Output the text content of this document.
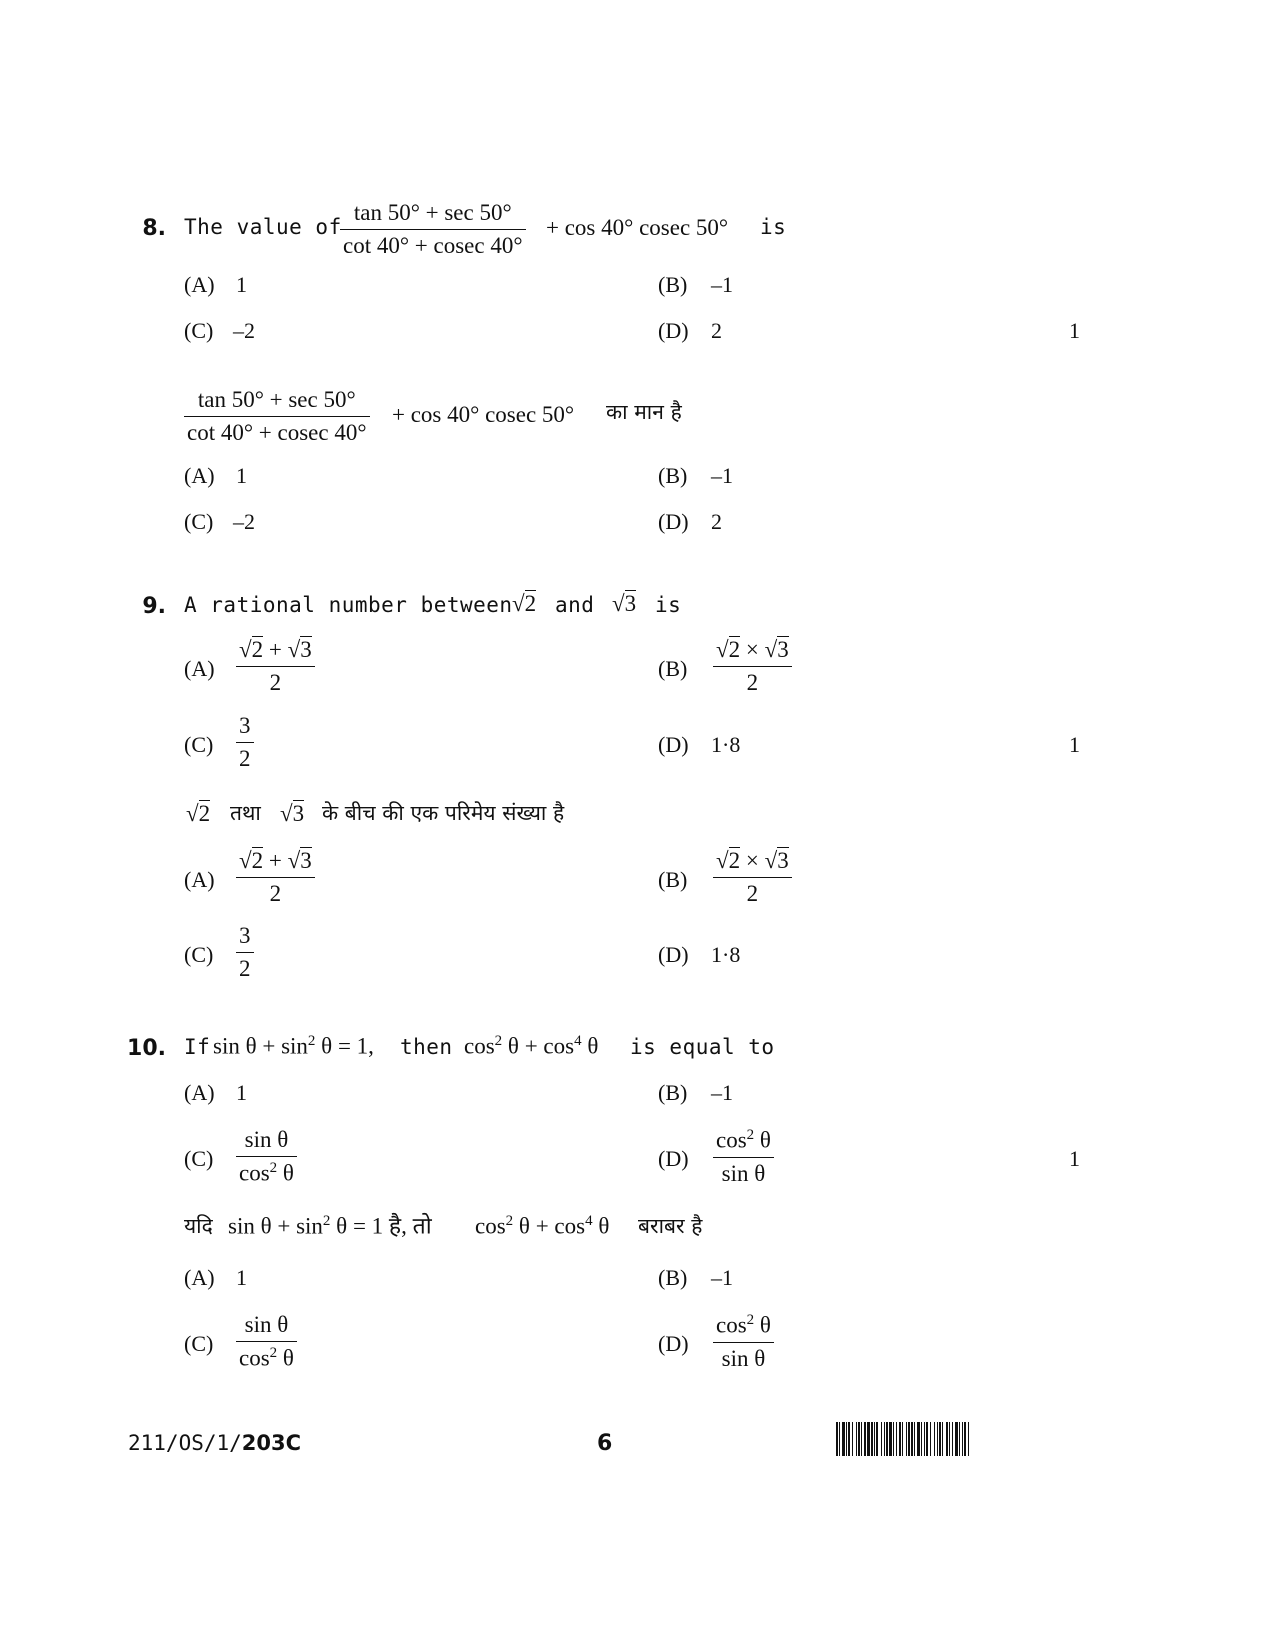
8. The value of
$\frac{\tan 50^\circ + \sec 50^\circ}{\cot 40^\circ + cosec 40^\circ} + \cos 40^\circ$ cosec 50° is
(A) 1	(B) –1
(C) –2	(D) 2	1
$\frac{\tan 50^\circ + \sec 50^\circ}{\cot 40^\circ + cosec 40^\circ} + \cos 40^\circ$ cosec 50° का मान है
(A) 1	(B) –1
(C) –2	(D) 2
9. A rational number between √2 and √3 is
$(A) \frac{√2 + √3}{2}$	$(B) \frac{√2 \times √3}{2}$
$(C) \frac{3}{2}$	(D) 1·8	1
√2 तथा √3 के बीच की एक परिमेय संख्या है
$(A) \frac{√2 + √3}{2}$	$(B) \frac{√2 \times √3}{2}$
$(C) \frac{3}{2}$	(D) 1·8
10. If $\sin \theta + \sin^2 \theta = 1$, then $\cos^2 \theta + \cos^4 \theta$ is equal to
(A) 1	(B) –1
$(C) \frac{\text{sin θ}}{\cos^2 \theta}$	$(D) \frac{\cos^2 \theta}{\text{sin θ}}$	1
यदि $\sin \theta + \sin^2 \theta = 1$ है, तो $\cos^2 \theta + \cos^4 \theta$ बराबर है
(A) 1	(B) –1
$(C) \frac{\text{sin θ}}{\cos^2 \theta}$	$(D) \frac{\cos^2 \theta}{\text{sin θ}}$
211/OS/1/203C	6
